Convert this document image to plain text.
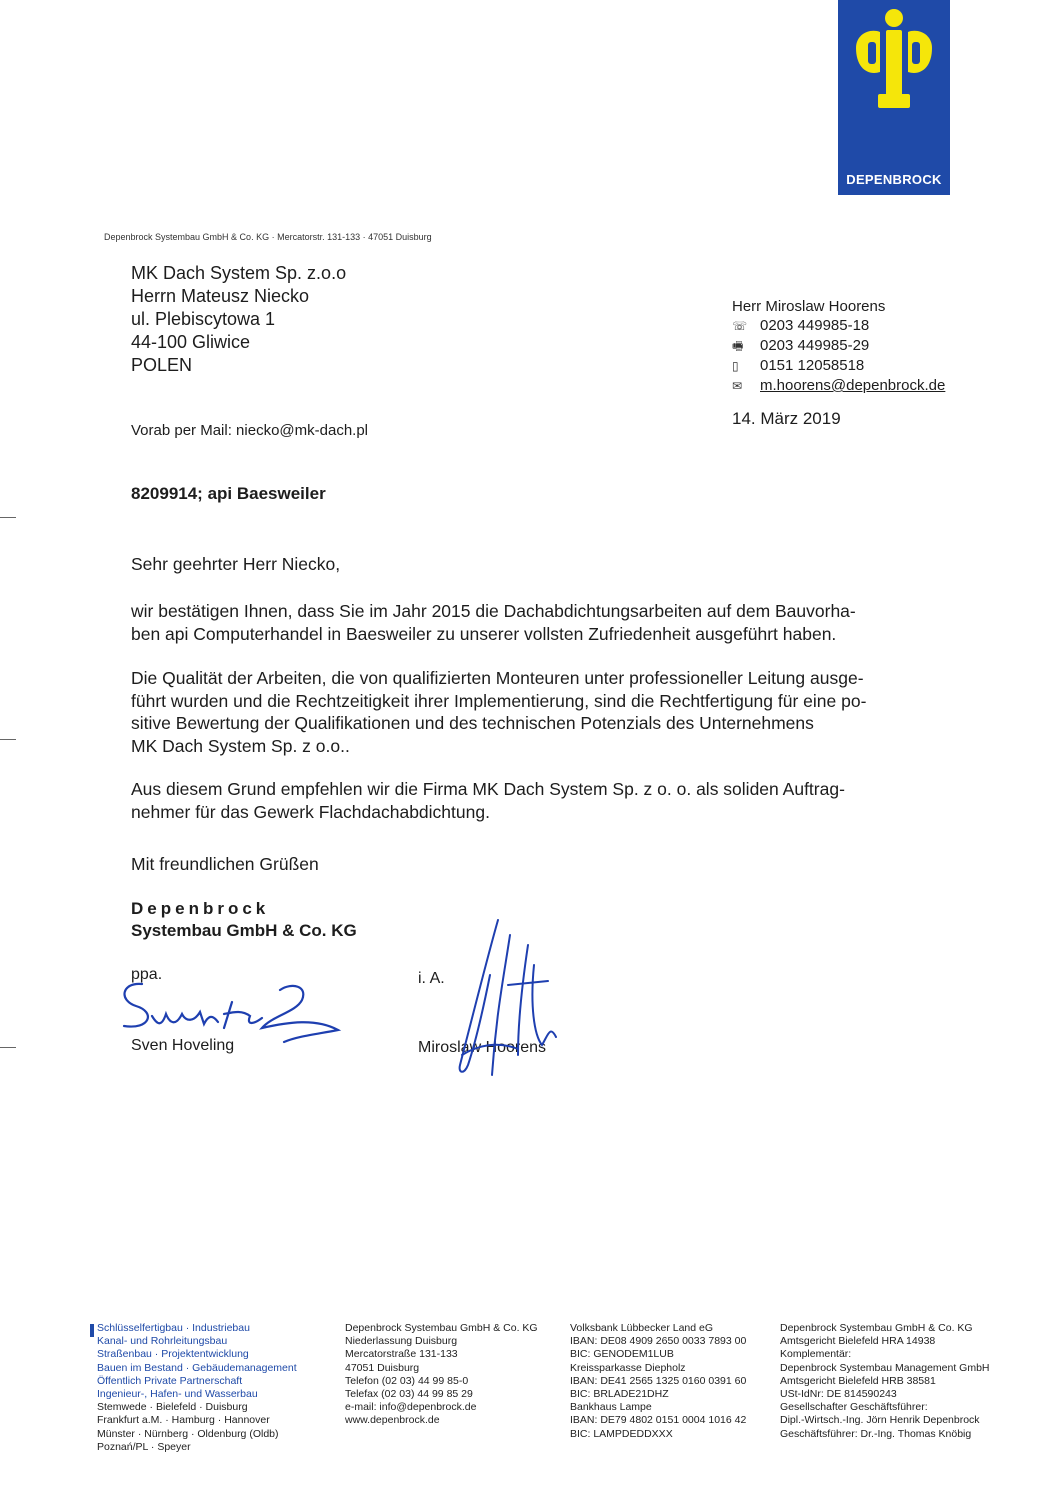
DEPENBROCK
Depenbrock Systembau GmbH & Co. KG · Mercatorstr. 131-133 · 47051 Duisburg
MK Dach System Sp. z.o.o
Herrn Mateusz Niecko
ul. Plebiscytowa 1
44-100 Gliwice
POLEN
Herr Miroslaw Hoorens
☏ 0203 449985-18
🖷 0203 449985-29
▯ 0151 12058518
✉ m.hoorens@depenbrock.de
14. März 2019
Vorab per Mail: niecko@mk-dach.pl
8209914; api Baesweiler
Sehr geehrter Herr Niecko,
wir bestätigen Ihnen, dass Sie im Jahr 2015 die Dachabdichtungsarbeiten auf dem Bauvorha-
ben api Computerhandel in Baesweiler zu unserer vollsten Zufriedenheit ausgeführt haben.
Die Qualität der Arbeiten, die von qualifizierten Monteuren unter professioneller Leitung ausge-
führt wurden und die Rechtzeitigkeit ihrer Implementierung, sind die Rechtfertigung für eine po-
sitive Bewertung der Qualifikationen und des technischen Potenzials des Unternehmens
MK Dach System Sp. z o.o..
Aus diesem Grund empfehlen wir die Firma MK Dach System Sp. z o. o. als soliden Auftrag-
nehmer für das Gewerk Flachdachabdichtung.
Mit freundlichen Grüßen
Depenbrock
Systembau GmbH & Co. KG
ppa.	i. A.
Sven Hoveling	Miroslaw Hoorens
Schlüsselfertigbau · Industriebau
Kanal- und Rohrleitungsbau
Straßenbau · Projektentwicklung
Bauen im Bestand · Gebäudemanagement
Öffentlich Private Partnerschaft
Ingenieur-, Hafen- und Wasserbau
Stemwede · Bielefeld · Duisburg
Frankfurt a.M. · Hamburg · Hannover
Münster · Nürnberg · Oldenburg (Oldb)
Poznań/PL · Speyer
Depenbrock Systembau GmbH & Co. KG
Niederlassung Duisburg
Mercatorstraße 131-133
47051 Duisburg
Telefon (02 03) 44 99 85-0
Telefax (02 03) 44 99 85 29
e-mail: info@depenbrock.de
www.depenbrock.de
Volksbank Lübbecker Land eG
IBAN: DE08 4909 2650 0033 7893 00
BIC: GENODEM1LUB
Kreissparkasse Diepholz
IBAN: DE41 2565 1325 0160 0391 60
BIC: BRLADE21DHZ
Bankhaus Lampe
IBAN: DE79 4802 0151 0004 1016 42
BIC: LAMPDEDDXXX
Depenbrock Systembau GmbH & Co. KG
Amtsgericht Bielefeld HRA 14938
Komplementär:
Depenbrock Systembau Management GmbH
Amtsgericht Bielefeld HRB 38581
USt-IdNr: DE 814590243
Gesellschafter Geschäftsführer:
Dipl.-Wirtsch.-Ing. Jörn Henrik Depenbrock
Geschäftsführer: Dr.-Ing. Thomas Knöbig
